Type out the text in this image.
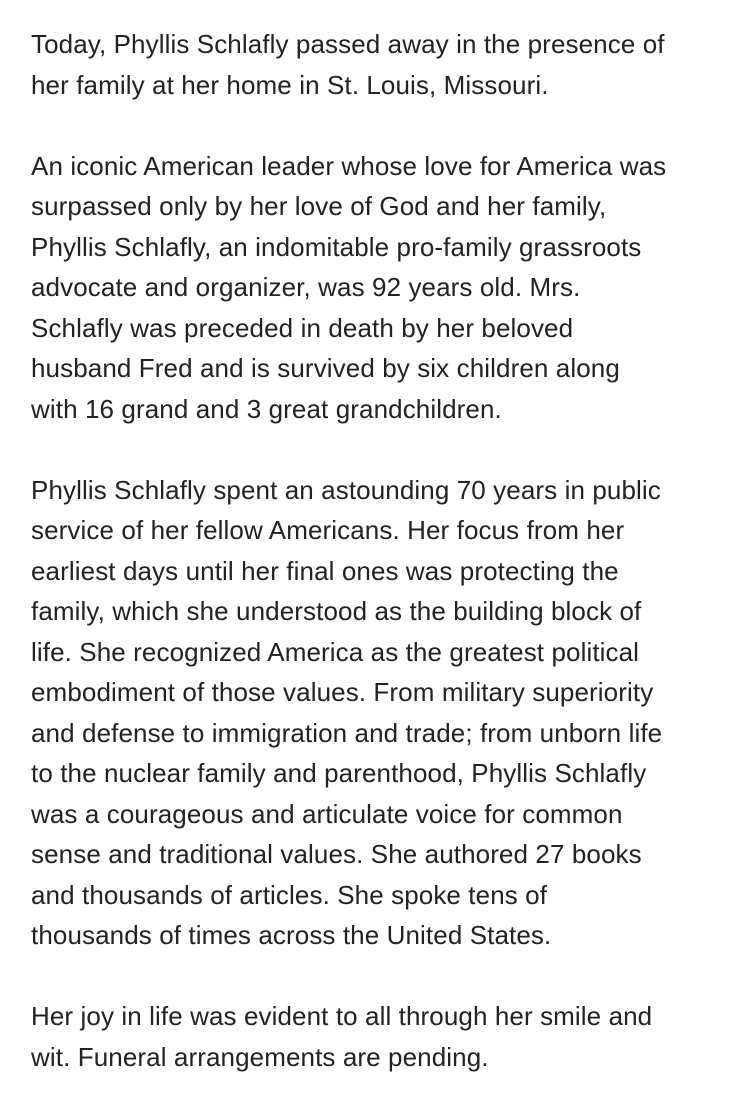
Today, Phyllis Schlafly passed away in the presence of
her family at her home in St. Louis, Missouri.

An iconic American leader whose love for America was
surpassed only by her love of God and her family,
Phyllis Schlafly, an indomitable pro-family grassroots
advocate and organizer, was 92 years old. Mrs.
Schlafly was preceded in death by her beloved
husband Fred and is survived by six children along
with 16 grand and 3 great grandchildren.

Phyllis Schlafly spent an astounding 70 years in public
service of her fellow Americans. Her focus from her
earliest days until her final ones was protecting the
family, which she understood as the building block of
life. She recognized America as the greatest political
embodiment of those values. From military superiority
and defense to immigration and trade; from unborn life
to the nuclear family and parenthood, Phyllis Schlafly
was a courageous and articulate voice for common
sense and traditional values. She authored 27 books
and thousands of articles. She spoke tens of
thousands of times across the United States.

Her joy in life was evident to all through her smile and
wit. Funeral arrangements are pending.
